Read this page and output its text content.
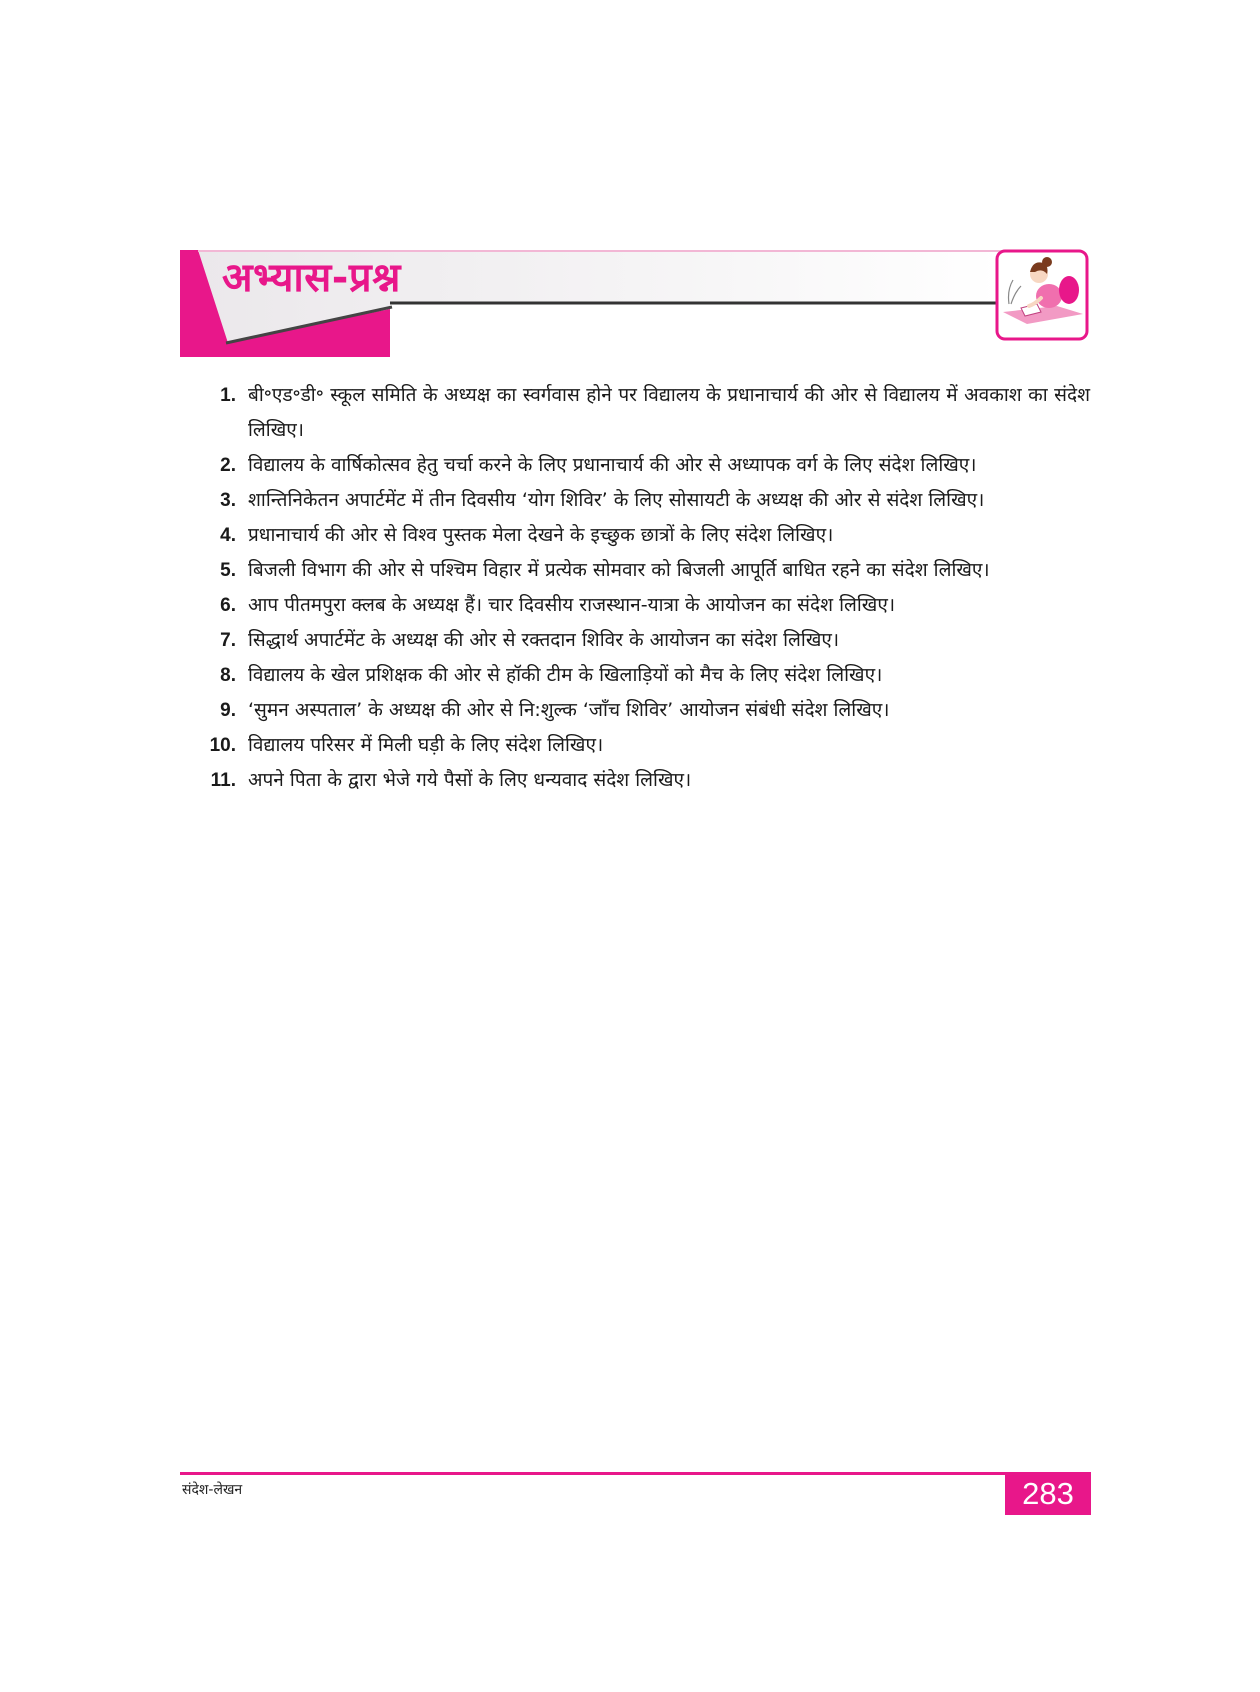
अभ्यास-प्रश्न
1. बी॰एड॰डी॰ स्कूल समिति के अध्यक्ष का स्वर्गवास होने पर विद्यालय के प्रधानाचार्य की ओर से विद्यालय में अवकाश का संदेश लिखिए।
2. विद्यालय के वार्षिकोत्सव हेतु चर्चा करने के लिए प्रधानाचार्य की ओर से अध्यापक वर्ग के लिए संदेश लिखिए।
3. शान्तिनिकेतन अपार्टमेंट में तीन दिवसीय ‘योग शिविर’ के लिए सोसायटी के अध्यक्ष की ओर से संदेश लिखिए।
4. प्रधानाचार्य की ओर से विश्व पुस्तक मेला देखने के इच्छुक छात्रों के लिए संदेश लिखिए।
5. बिजली विभाग की ओर से पश्चिम विहार में प्रत्येक सोमवार को बिजली आपूर्ति बाधित रहने का संदेश लिखिए।
6. आप पीतमपुरा क्लब के अध्यक्ष हैं। चार दिवसीय राजस्थान-यात्रा के आयोजन का संदेश लिखिए।
7. सिद्धार्थ अपार्टमेंट के अध्यक्ष की ओर से रक्तदान शिविर के आयोजन का संदेश लिखिए।
8. विद्यालय के खेल प्रशिक्षक की ओर से हॉकी टीम के खिलाड़ियों को मैच के लिए संदेश लिखिए।
9. ‘सुमन अस्पताल’ के अध्यक्ष की ओर से नि:शुल्क ‘जाँच शिविर’ आयोजन संबंधी संदेश लिखिए।
10. विद्यालय परिसर में मिली घड़ी के लिए संदेश लिखिए।
11. अपने पिता के द्वारा भेजे गये पैसों के लिए धन्यवाद संदेश लिखिए।
संदेश-लेखन	283
